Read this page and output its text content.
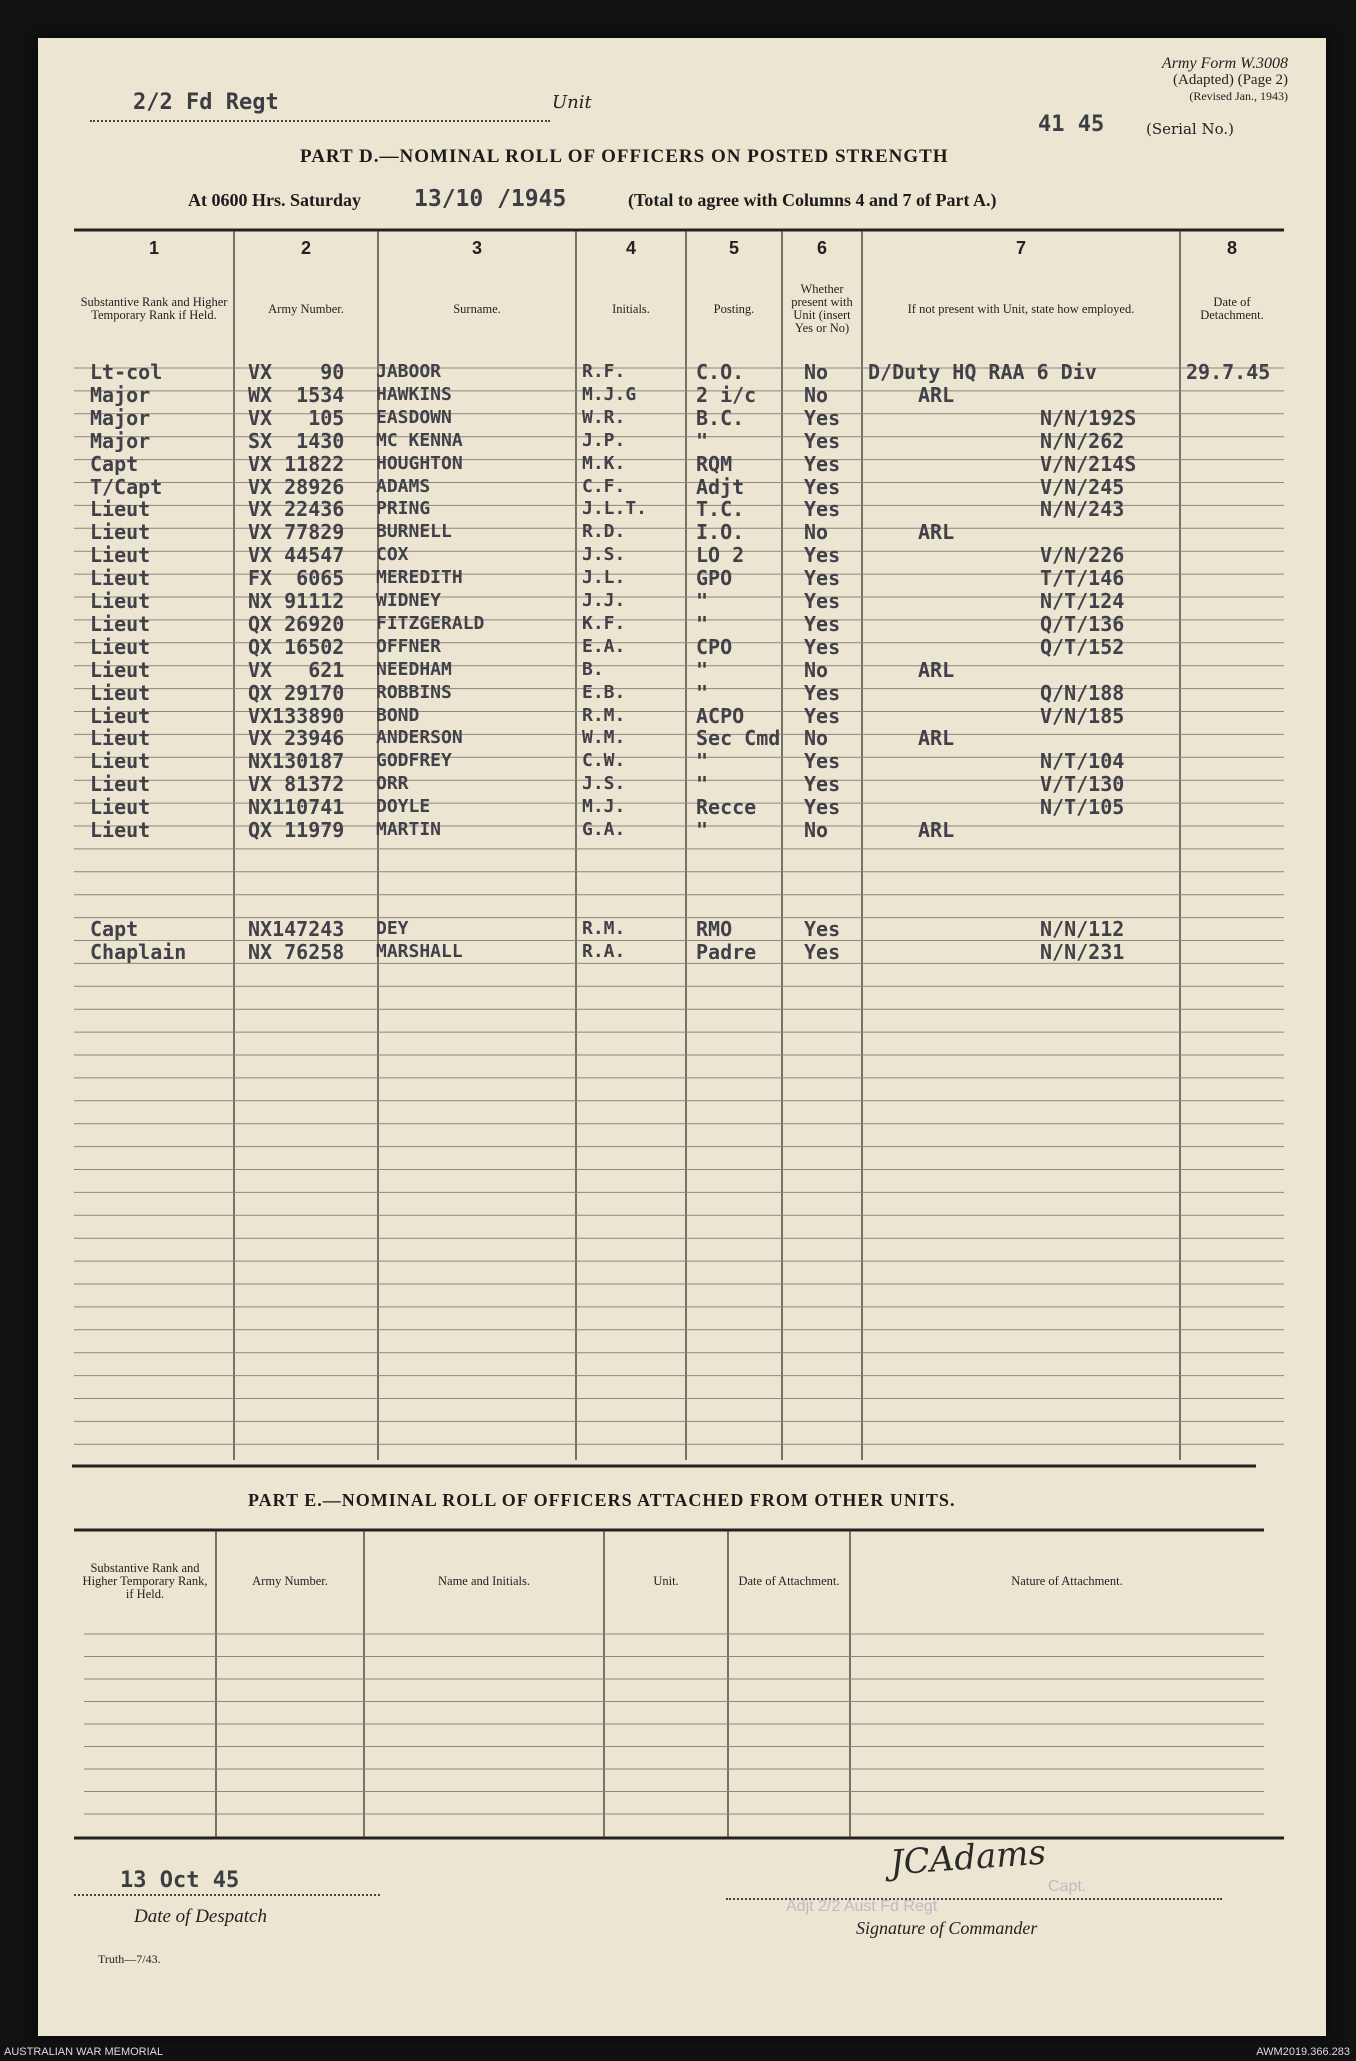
Army Form W.3008
(Adapted) (Page 2)
(Revised Jan., 1943)
2/2 Fd Regt	Unit
41 45	(Serial No.)
PART D.—NOMINAL ROLL OF OFFICERS ON POSTED STRENGTH
At 0600 Hrs. Saturday 13/10 /1945	(Total to agree with Columns 4 and 7 of Part A.)
PART E.—NOMINAL ROLL OF OFFICERS ATTACHED FROM OTHER UNITS.
13 Oct 45
Date of Despatch
Truth—7/43.
JCAdams
Capt.
Adjt 2/2 Aust Fd Regt
Signature of Commander
1
Substantive Rank and Higher Temporary Rank if Held.
2
Army Number.
3
Surname.
4
Initials.
5
Posting.
6
Whether present with Unit (insert Yes or No)
7
If not present with Unit, state how employed.
8
Date of Detachment.
Lt-col	VX    90 JABOOR	R.F.	C.O.	No D/Duty HQ RAA 6 Div	29.7.45
Major	WX  1534 HAWKINS	M.J.G	2 i/c No	ARL
Major	VX   105 EASDOWN	W.R.	B.C.	Yes	N/N/192S
Major	SX  1430 MC KENNA	J.P.	"	Yes	N/N/262
Capt	VX 11822 HOUGHTON	M.K.	RQM	Yes	V/N/214S
T/Capt	VX 28926 ADAMS	C.F.	Adjt	Yes	V/N/245
Lieut	VX 22436 PRING	J.L.T. T.C.	Yes	N/N/243
Lieut	VX 77829 BURNELL	R.D.	I.O.	No	ARL
Lieut	VX 44547 COX	J.S.	LO 2	Yes	V/N/226
Lieut	FX  6065 MEREDITH	J.L.	GPO	Yes	T/T/146
Lieut	NX 91112 WIDNEY	J.J.	"	Yes	N/T/124
Lieut	QX 26920 FITZGERALD	K.F.	"	Yes	Q/T/136
Lieut	QX 16502 OFFNER	E.A.	CPO	Yes	Q/T/152
Lieut	VX   621 NEEDHAM	B.	"	No	ARL
Lieut	QX 29170 ROBBINS	E.B.	"	Yes	Q/N/188
Lieut	VX133890 BOND	R.M.	ACPO	Yes	V/N/185
Lieut	VX 23946 ANDERSON	W.M.	Sec Cmd No	ARL
Lieut	NX130187 GODFREY	C.W.	"	Yes	N/T/104
Lieut	VX 81372 ORR	J.S.	"	Yes	V/T/130
Lieut	NX110741 DOYLE	M.J.	Recce Yes	N/T/105
Lieut	QX 11979 MARTIN	G.A.	"	No	ARL
Capt	NX147243 DEY	R.M.	RMO	Yes	N/N/112
Chaplain	NX 76258 MARSHALL	R.A.	Padre Yes	N/N/231
Substantive Rank and Higher Temporary Rank, if Held.
Army Number.	Name and Initials.	Unit.	Date of Attachment.	Nature of Attachment.
AUSTRALIAN WAR MEMORIAL	AWM2019.366.283
